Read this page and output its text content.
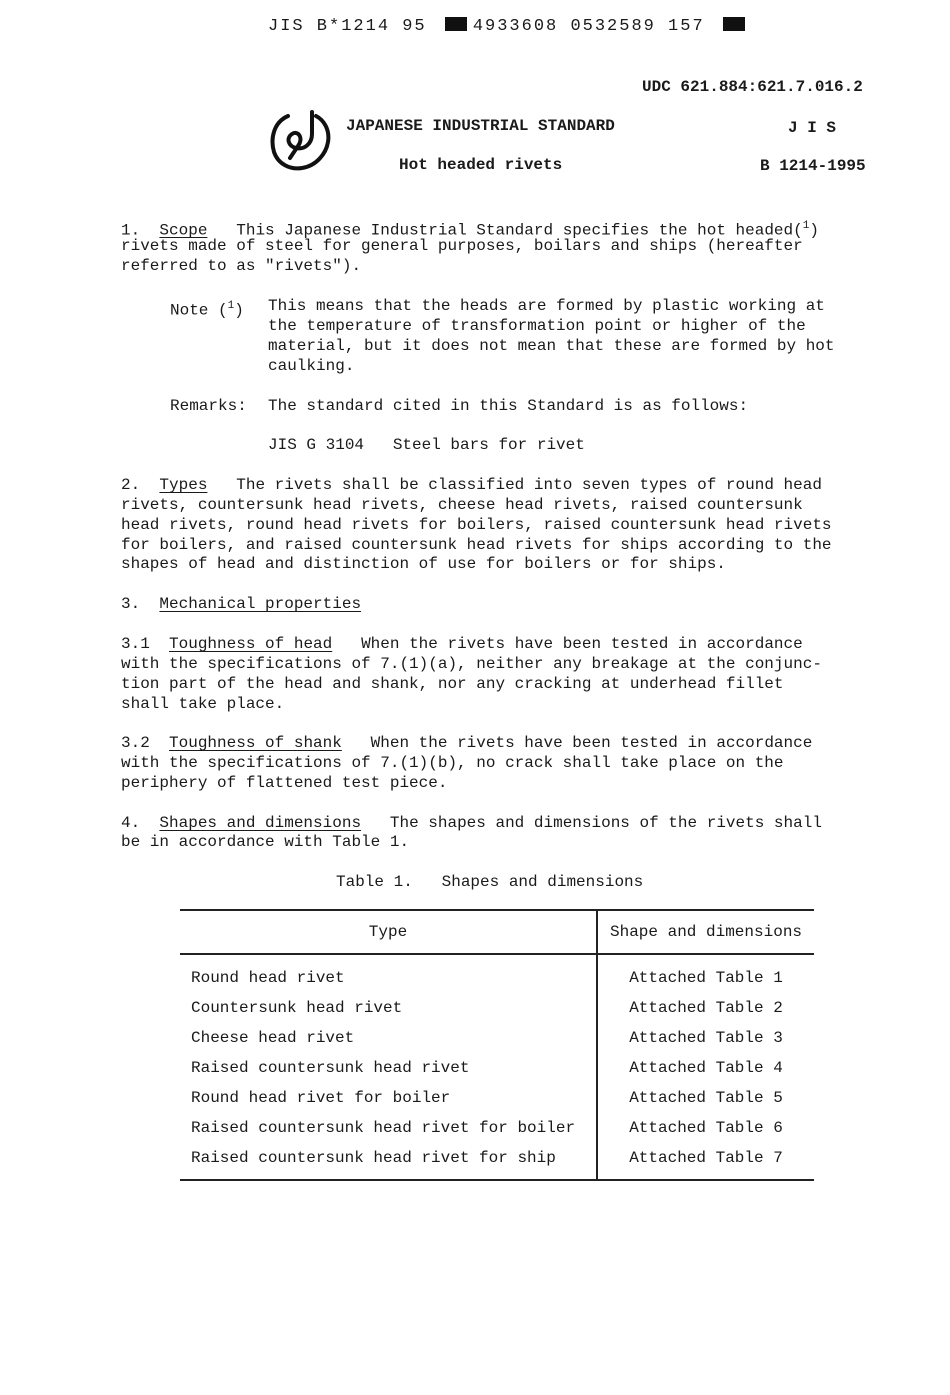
JIS B*1214 95	4933608 0532589 157
UDC 621.884:621.7.016.2
JAPANESE INDUSTRIAL STANDARD
Hot headed rivets
J I S
B 1214-1995
1. Scope This Japanese Industrial Standard specifies the hot headed($^1$)
rivets made of steel for general purposes, boilars and ships (hereafter
referred to as "rivets").
Note ($^1$) This means that the heads are formed by plastic working at
the temperature of transformation point or higher of the
material, but it does not mean that these are formed by hot
caulking.
Remarks: The standard cited in this Standard is as follows:
JIS G 3104   Steel bars for rivet
2. Types The rivets shall be classified into seven types of round head
rivets, countersunk head rivets, cheese head rivets, raised countersunk
head rivets, round head rivets for boilers, raised countersunk head rivets
for boilers, and raised countersunk head rivets for ships according to the
shapes of head and distinction of use for boilers or for ships.
3. Mechanical properties
3.1 Toughness of head When the rivets have been tested in accordance
with the specifications of 7.(1)(a), neither any breakage at the conjunc-
tion part of the head and shank, nor any cracking at underhead fillet
shall take place.
3.2 Toughness of shank When the rivets have been tested in accordance
with the specifications of 7.(1)(b), no crack shall take place on the
periphery of flattened test piece.
4. Shapes and dimensions The shapes and dimensions of the rivets shall
be in accordance with Table 1.
Table 1.   Shapes and dimensions
Type	Shape and dimensions
Round head rivet	Attached Table 1
Countersunk head rivet	Attached Table 2
Cheese head rivet	Attached Table 3
Raised countersunk head rivet	Attached Table 4
Round head rivet for boiler	Attached Table 5
Raised countersunk head rivet for boiler	Attached Table 6
Raised countersunk head rivet for ship	Attached Table 7
